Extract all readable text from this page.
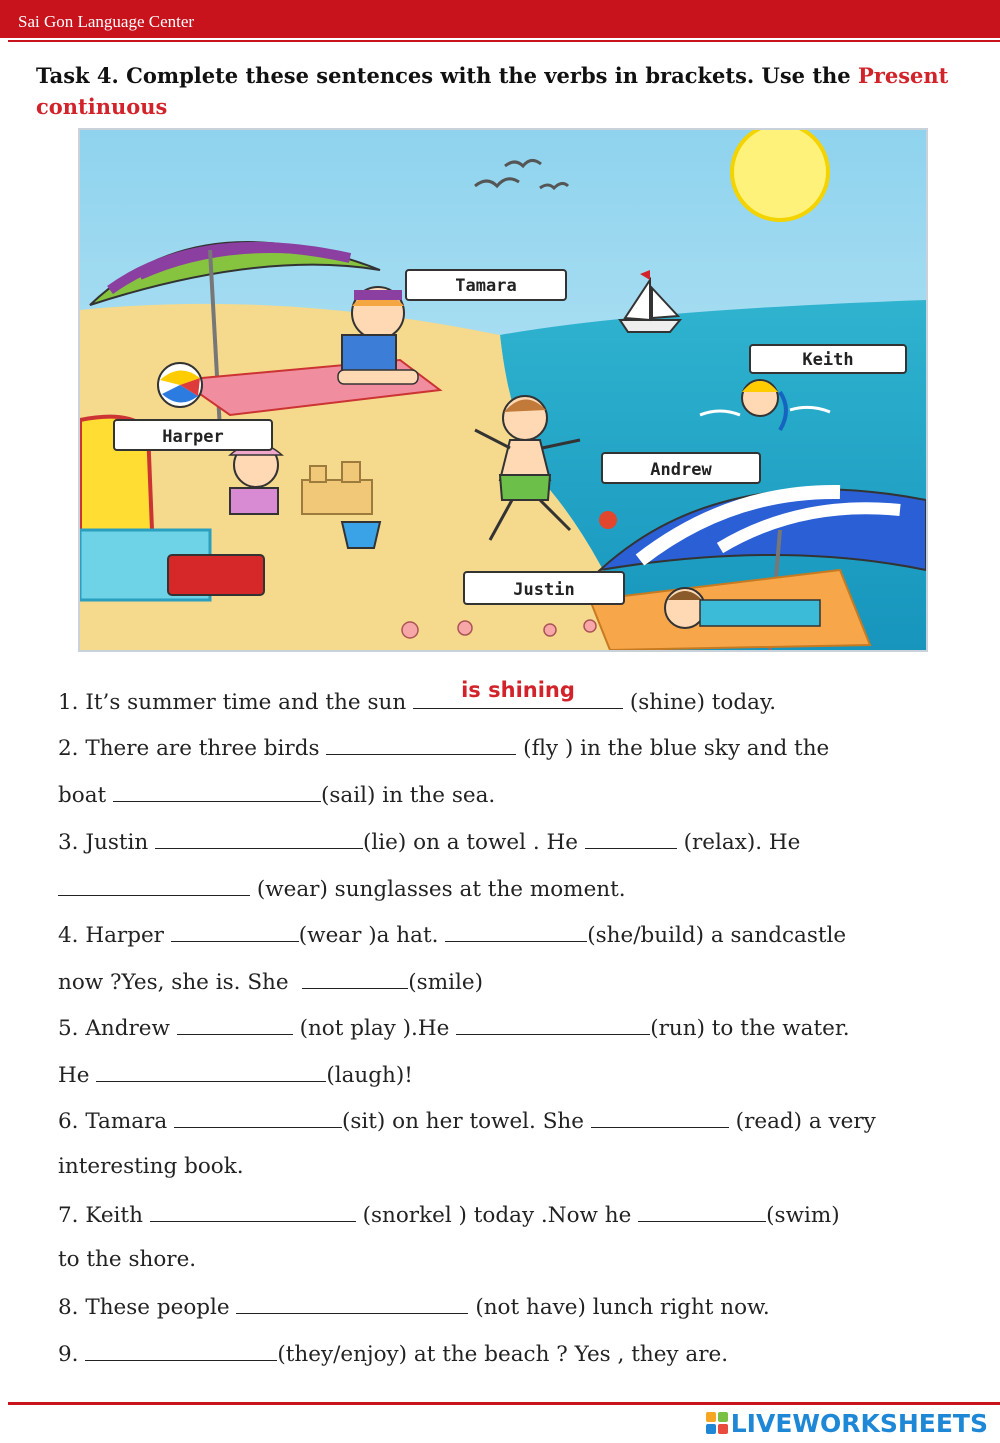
Sai Gon Language Center
Task 4. Complete these sentences with the verbs in brackets. Use the Present continuous
Tamara
Keith
Harper
Andrew
Justin
1. It’s summer time and the sun	is shining	(shine) today.
2. There are three birds	(fly ) in the blue sky and the
boat	(sail) in the sea.
3. Justin	(lie) on a towel . He	(relax). He
(wear) sunglasses at the moment.
4. Harper	(wear )a hat.	(she/build) a sandcastle
now ?Yes, she is. She	(smile)
5. Andrew	(not play ).He	(run) to the water.
He	(laugh)!
6. Tamara	(sit) on her towel. She	(read) a very
interesting book.
7. Keith	(snorkel ) today .Now he	(swim)
to the shore.
8. These people	(not have) lunch right now.
9.	(they/enjoy) at the beach ? Yes , they are.
LIVEWORKSHEETS
